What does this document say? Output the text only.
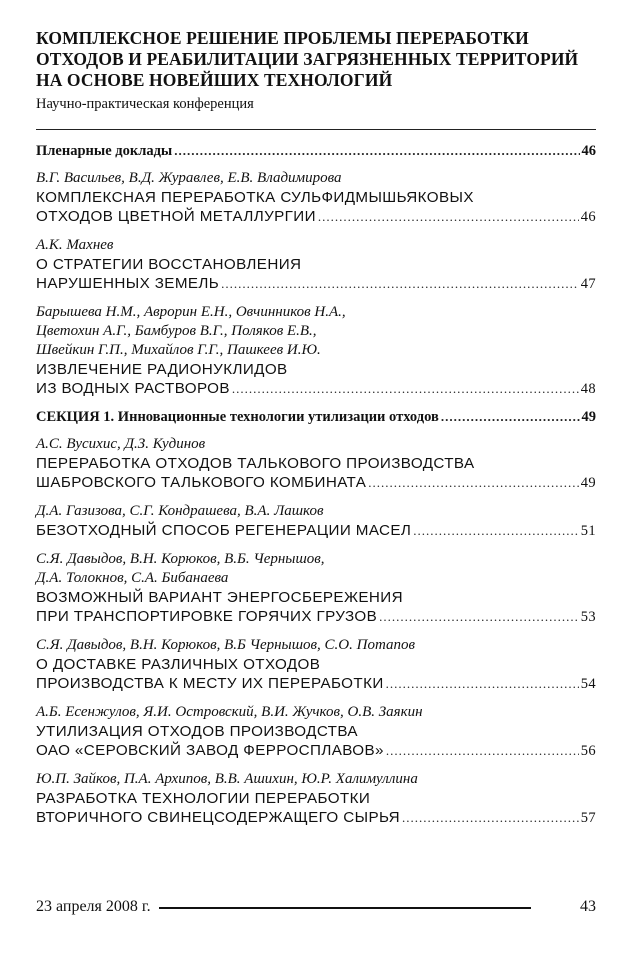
КОМПЛЕКСНОЕ РЕШЕНИЕ ПРОБЛЕМЫ ПЕРЕРАБОТКИ
ОТХОДОВ И РЕАБИЛИТАЦИИ ЗАГРЯЗНЕННЫХ ТЕРРИТОРИЙ
НА ОСНОВЕ НОВЕЙШИХ ТЕХНОЛОГИЙ
Научно-практическая конференция
Пленарные доклады .....	46
В.Г. Васильев, В.Д. Журавлев, Е.В. Владимирова
КОМПЛЕКСНАЯ ПЕРЕРАБОТКА СУЛЬФИДМЫШЬЯКОВЫХ
ОТХОДОВ ЦВЕТНОЙ МЕТАЛЛУРГИИ .....	46
А.К. Махнев
О СТРАТЕГИИ ВОССТАНОВЛЕНИЯ
НАРУШЕННЫХ ЗЕМЕЛЬ .....	47
Барышева Н.М., Аврорин Е.Н., Овчинников Н.А.,
Цветохин А.Г., Бамбуров В.Г., Поляков Е.В.,
Швейкин Г.П., Михайлов Г.Г., Пашкеев И.Ю.
ИЗВЛЕЧЕНИЕ РАДИОНУКЛИДОВ
ИЗ ВОДНЫХ РАСТВОРОВ .....	48
СЕКЦИЯ 1. Инновационные технологии утилизации отходов .....	49
А.С. Вусихис, Д.З. Кудинов
ПЕРЕРАБОТКА ОТХОДОВ ТАЛЬКОВОГО ПРОИЗВОДСТВА
ШАБРОВСКОГО ТАЛЬКОВОГО КОМБИНАТА .....	49
Д.А. Газизова, С.Г. Кондрашева, В.А. Лашков
БЕЗОТХОДНЫЙ СПОСОБ РЕГЕНЕРАЦИИ МАСЕЛ .....	51
С.Я. Давыдов, В.Н. Корюков, В.Б. Чернышов,
Д.А. Толокнов, С.А. Бибанаева
ВОЗМОЖНЫЙ ВАРИАНТ ЭНЕРГОСБЕРЕЖЕНИЯ
ПРИ ТРАНСПОРТИРОВКЕ ГОРЯЧИХ ГРУЗОВ .....	53
С.Я. Давыдов, В.Н. Корюков, В.Б Чернышов, С.О. Потапов
О ДОСТАВКЕ РАЗЛИЧНЫХ ОТХОДОВ
ПРОИЗВОДСТВА К МЕСТУ ИХ ПЕРЕРАБОТКИ .....	54
А.Б. Есенжулов, Я.И. Островский, В.И. Жучков, О.В. Заякин
УТИЛИЗАЦИЯ ОТХОДОВ ПРОИЗВОДСТВА
ОАО «СЕРОВСКИЙ ЗАВОД ФЕРРОСПЛАВОВ» .....	56
Ю.П. Зайков, П.А. Архипов, В.В. Ашихин, Ю.Р. Халимуллина
РАЗРАБОТКА ТЕХНОЛОГИИ ПЕРЕРАБОТКИ
ВТОРИЧНОГО СВИНЕЦСОДЕРЖАЩЕГО СЫРЬЯ .....	57
23 апреля 2008 г.	43
